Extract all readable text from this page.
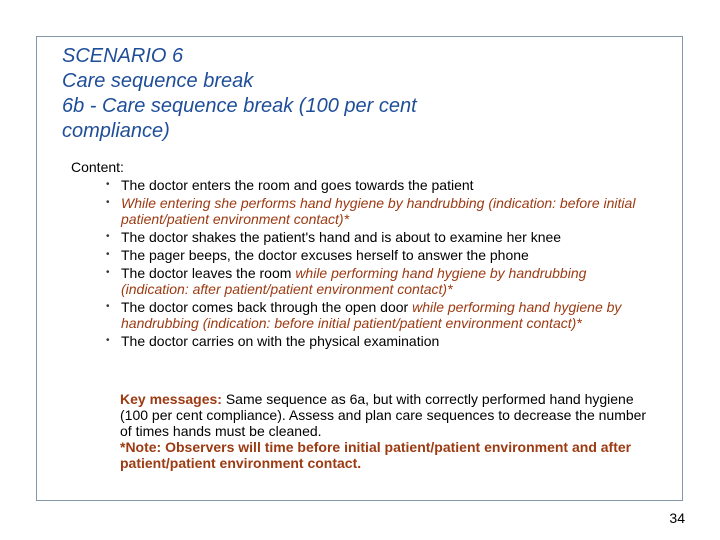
SCENARIO 6
Care sequence break
6b - Care sequence break (100 per cent
compliance)
Content:
• The doctor enters the room and goes towards the patient
• While entering she performs hand hygiene by handrubbing (indication: before initial patient/patient environment contact)*
• The doctor shakes the patient's hand and is about to examine her knee
• The pager beeps, the doctor excuses herself to answer the phone
• The doctor leaves the room while performing hand hygiene by handrubbing (indication: after patient/patient environment contact)*
• The doctor comes back through the open door while performing hand hygiene by handrubbing (indication: before initial patient/patient environment contact)*
• The doctor carries on with the physical examination
Key messages: Same sequence as 6a, but with correctly performed hand hygiene (100 per cent compliance). Assess and plan care sequences to decrease the number of times hands must be cleaned.
*Note: Observers will time before initial patient/patient environment and after patient/patient environment contact.
34
